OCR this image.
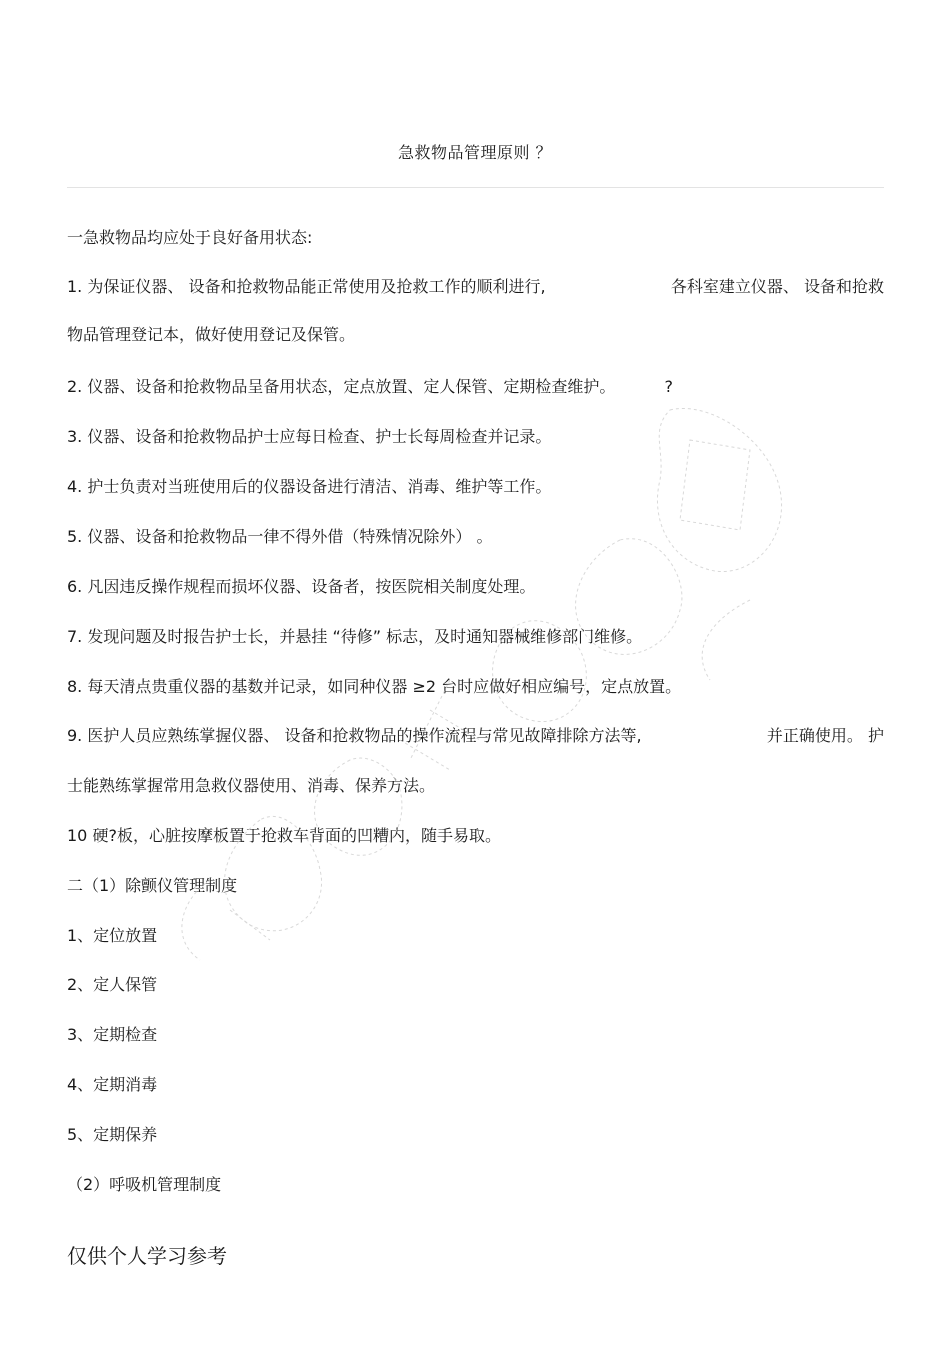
急救物品管理原则 ？
一急救物品均应处于良好备用状态:
1. 为保证仪器、 设备和抢救物品能正常使用及抢救工作的顺利进行,	各科室建立仪器、 设备和抢救
物品管理登记本，做好使用登记及保管。
2. 仪器、设备和抢救物品呈备用状态，定点放置、定人保管、定期检查维护。	?
3. 仪器、设备和抢救物品护士应每日检查、护士长每周检查并记录。
4. 护士负责对当班使用后的仪器设备进行清洁、消毒、维护等工作。
5. 仪器、设备和抢救物品一律不得外借（特殊情况除外） 。
6. 凡因违反操作规程而损坏仪器、设备者，按医院相关制度处理。
7. 发现问题及时报告护士长，并悬挂 “待修” 标志，及时通知器械维修部门维修。
8. 每天清点贵重仪器的基数并记录，如同种仪器 ≥2 台时应做好相应编号，定点放置。
9. 医护人员应熟练掌握仪器、 设备和抢救物品的操作流程与常见故障排除方法等,	并正确使用。 护
士能熟练掌握常用急救仪器使用、消毒、保养方法。
10 硬?板，心脏按摩板置于抢救车背面的凹糟内，随手易取。
二（1）除颤仪管理制度
1、定位放置
2、定人保管
3、定期检查
4、定期消毒
5、定期保养
（2）呼吸机管理制度
仅供个人学习参考
